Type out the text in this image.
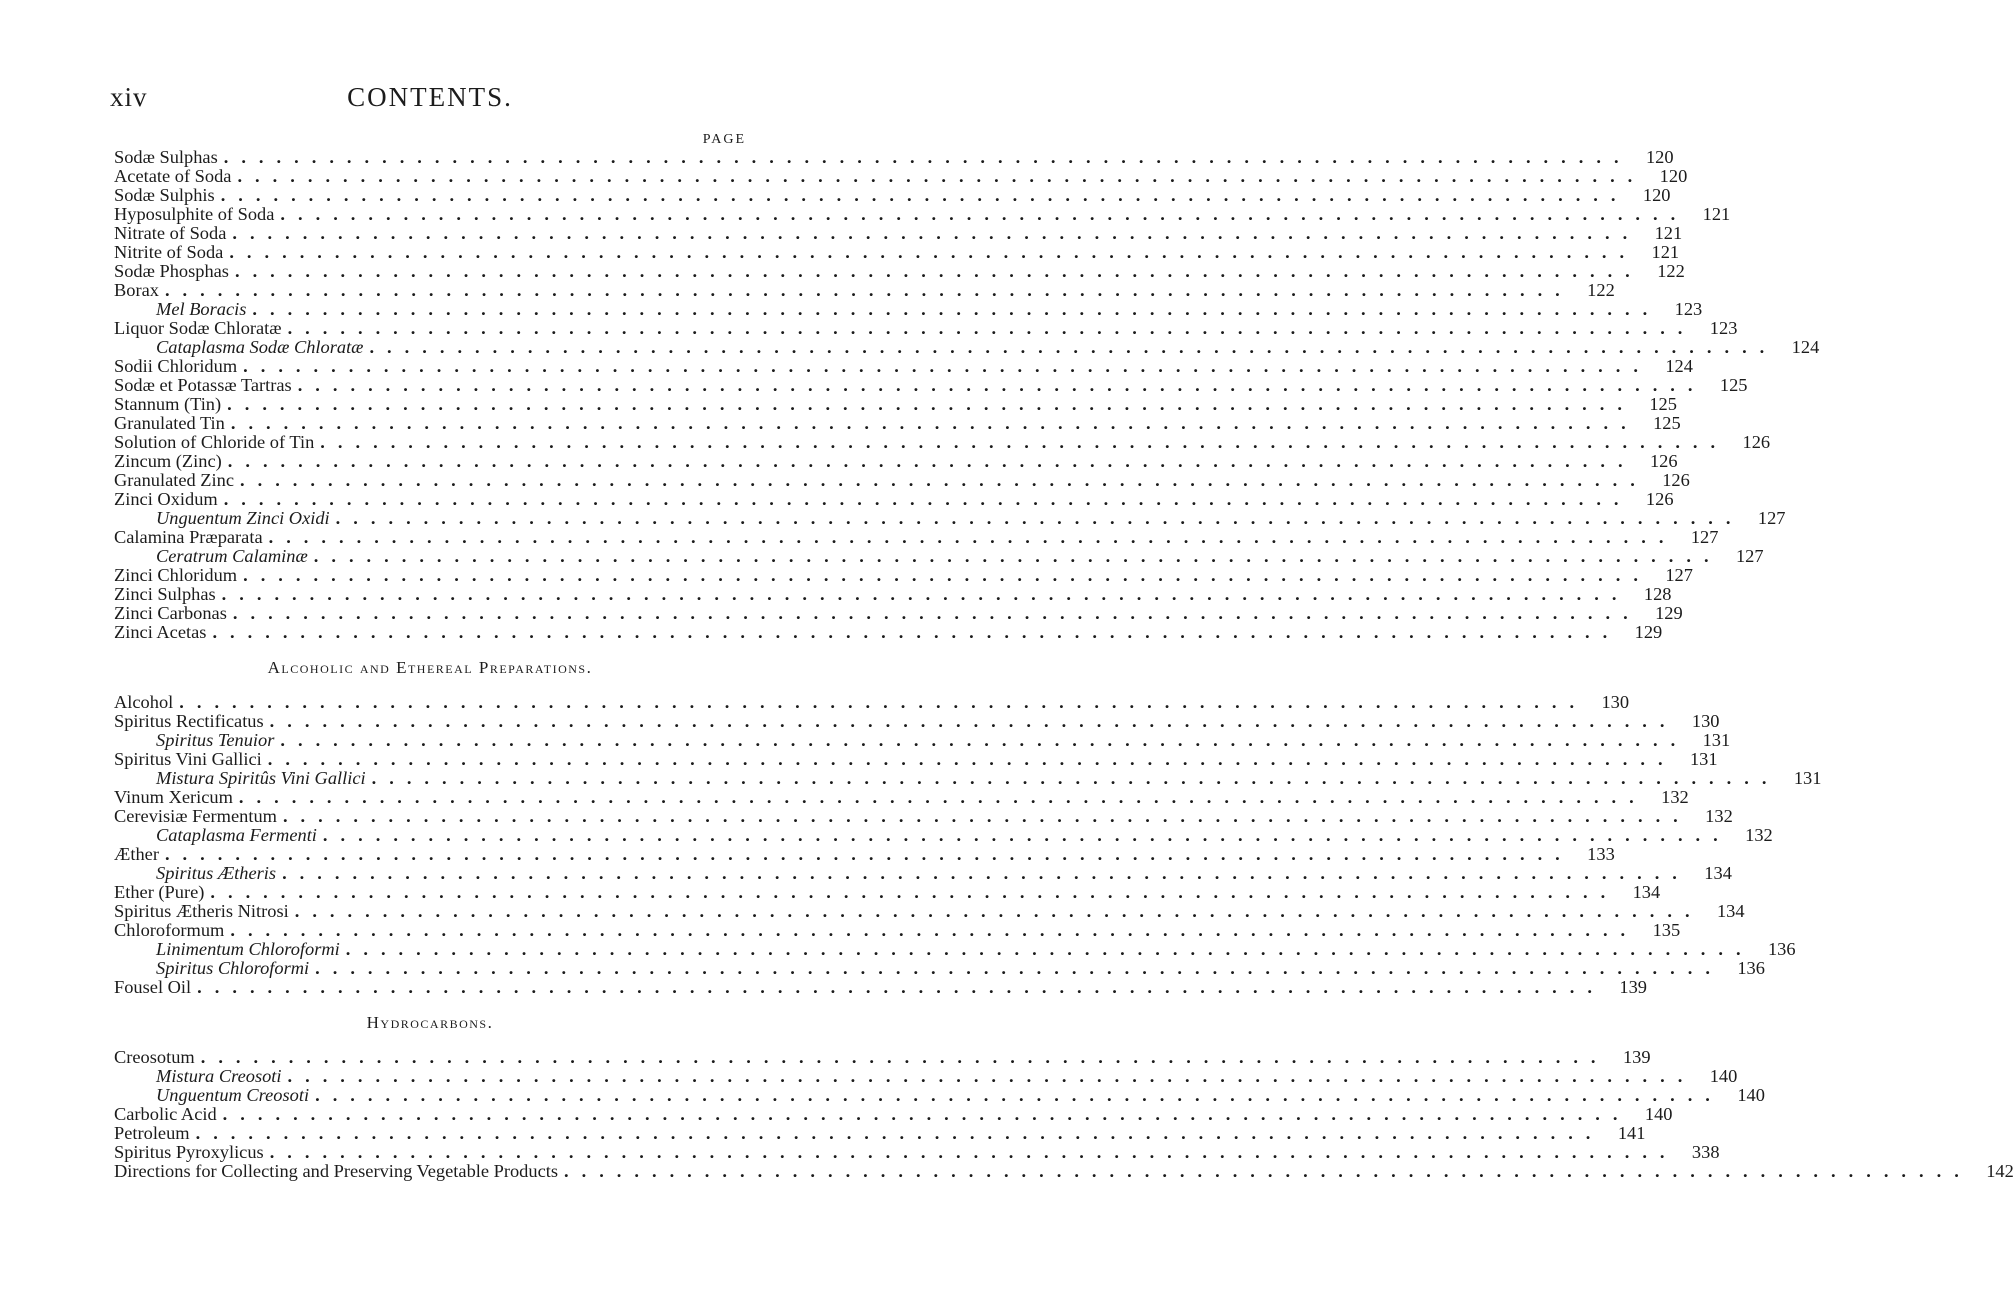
xiv	CONTENTS.
PAGE
Sodæ Sulphas ................................................................................ 120
Acetate of Soda ................................................................................ 120
Sodæ Sulphis ................................................................................ 120
Hyposulphite of Soda ................................................................................ 121
Nitrate of Soda ................................................................................ 121
Nitrite of Soda ................................................................................ 121
Sodæ Phosphas ................................................................................ 122
Borax ................................................................................ 122
Mel Boracis ................................................................................ 123
Liquor Sodæ Chloratæ ................................................................................ 123
Cataplasma Sodæ Chloratæ ................................................................................ 124
Sodii Chloridum ................................................................................ 124
Sodæ et Potassæ Tartras ................................................................................ 125
Stannum (Tin) ................................................................................ 125
Granulated Tin ................................................................................ 125
Solution of Chloride of Tin ................................................................................ 126
Zincum (Zinc) ................................................................................ 126
Granulated Zinc ................................................................................ 126
Zinci Oxidum ................................................................................ 126
Unguentum Zinci Oxidi ................................................................................ 127
Calamina Præparata ................................................................................ 127
Ceratrum Calaminæ ................................................................................ 127
Zinci Chloridum ................................................................................ 127
Zinci Sulphas ................................................................................ 128
Zinci Carbonas ................................................................................ 129
Zinci Acetas ................................................................................ 129
Alcoholic and Ethereal Preparations.
Alcohol ................................................................................ 130
Spiritus Rectificatus ................................................................................ 130
Spiritus Tenuior ................................................................................ 131
Spiritus Vini Gallici ................................................................................ 131
Mistura Spiritûs Vini Gallici ................................................................................ 131
Vinum Xericum ................................................................................ 132
Cerevisiæ Fermentum ................................................................................ 132
Cataplasma Fermenti ................................................................................ 132
Æther ................................................................................ 133
Spiritus Ætheris ................................................................................ 134
Ether (Pure) ................................................................................ 134
Spiritus Ætheris Nitrosi ................................................................................ 134
Chloroformum ................................................................................ 135
Linimentum Chloroformi ................................................................................ 136
Spiritus Chloroformi ................................................................................ 136
Fousel Oil ................................................................................ 139
Hydrocarbons.
Creosotum ................................................................................ 139
Mistura Creosoti ................................................................................ 140
Unguentum Creosoti ................................................................................ 140
Carbolic Acid ................................................................................ 140
Petroleum ................................................................................ 141
Spiritus Pyroxylicus ................................................................................ 338
Directions for Collecting and Preserving Vegetable Products ................................................................................ 142
